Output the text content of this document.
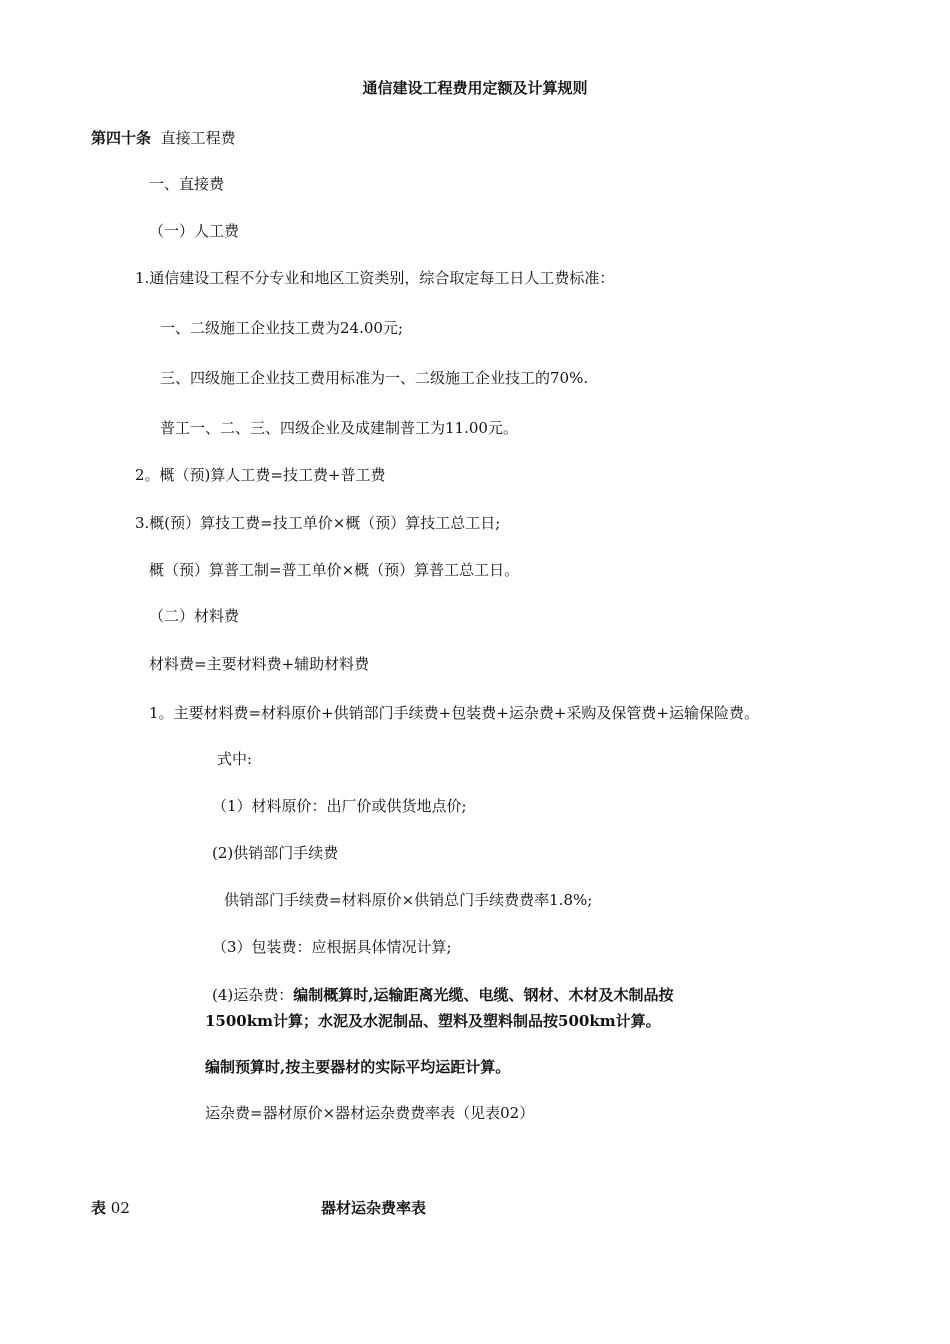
通信建设工程费用定额及计算规则
第四十条 直接工程费
一、直接费
（一）人工费
1.通信建设工程不分专业和地区工资类别，综合取定每工日人工费标准：
一、二级施工企业技工费为24.00元;
三、四级施工企业技工费用标准为一、二级施工企业技工的70%.
普工一、二、三、四级企业及成建制普工为11.00元。
2。概（预)算人工费=技工费+普工费
3.概(预）算技工费=技工单价×概（预）算技工总工日;
概（预）算普工制=普工单价×概（预）算普工总工日。
（二）材料费
材料费=主要材料费+辅助材料费
1。主要材料费=材料原价+供销部门手续费+包装费+运杂费+采购及保管费+运输保险费。
式中:
（1）材料原价：出厂价或供货地点价;
(2)供销部门手续费
供销部门手续费=材料原价×供销总门手续费费率1.8%;
（3）包装费：应根据具体情况计算;
(4)运杂费：编制概算时,运输距离光缆、电缆、钢材、木材及木制品按
1500km计算；水泥及水泥制品、塑料及塑料制品按500km计算。
编制预算时,按主要器材的实际平均运距计算。
运杂费=器材原价×器材运杂费费率表（见表02）
表 02	器材运杂费率表
